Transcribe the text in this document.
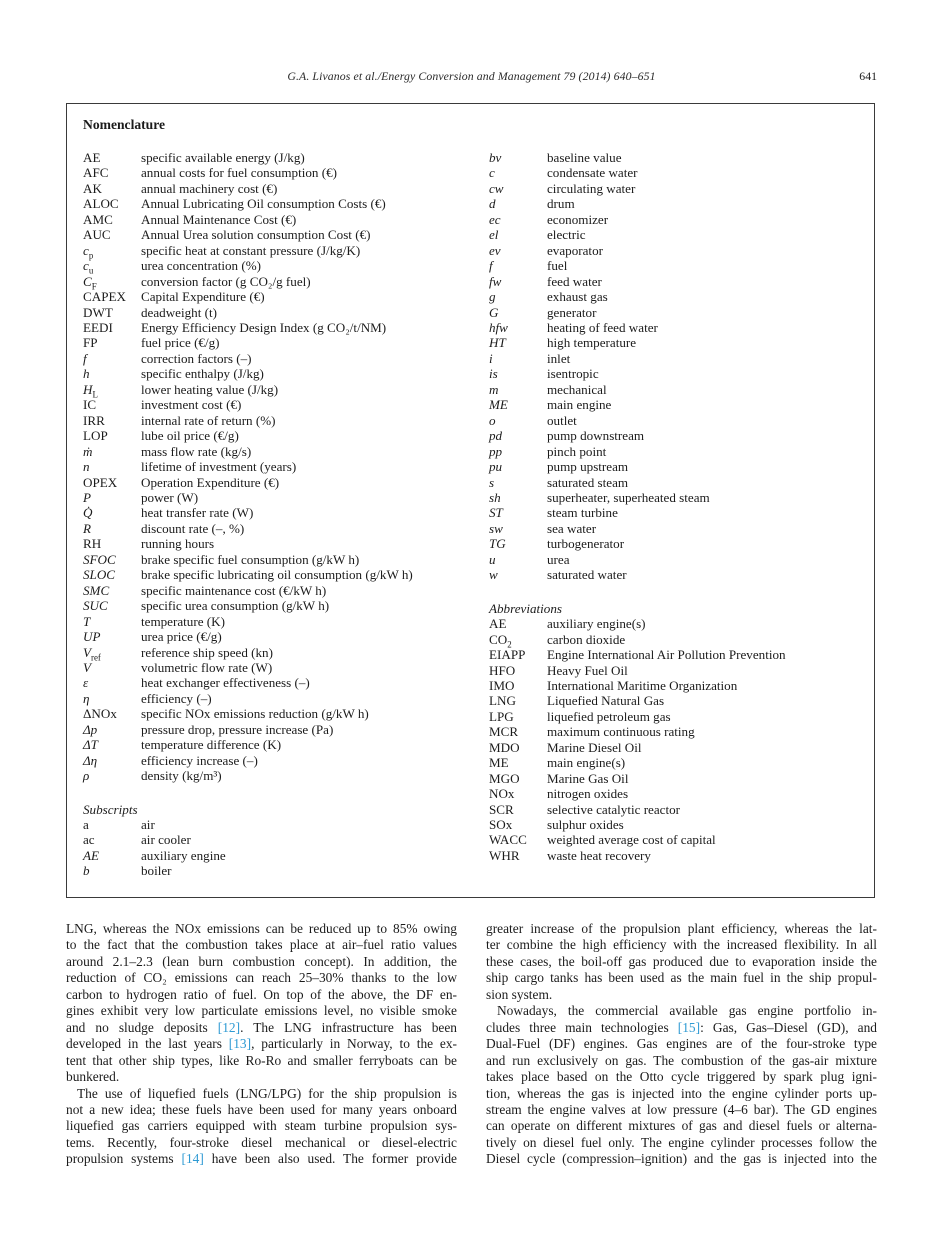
G.A. Livanos et al./Energy Conversion and Management 79 (2014) 640–651	641
Nomenclature
AE	specific available energy (J/kg)
AFC	annual costs for fuel consumption (€)
AK	annual machinery cost (€)
ALOC	Annual Lubricating Oil consumption Costs (€)
AMC	Annual Maintenance Cost (€)
AUC	Annual Urea solution consumption Cost (€)
$c_p$	specific heat at constant pressure (J/kg/K)
$c_u$	urea concentration (%)
$C_F$	conversion factor (g CO₂/g fuel)
CAPEX	Capital Expenditure (€)
DWT	deadweight (t)
EEDI	Energy Efficiency Design Index (g CO₂/t/NM)
FP	fuel price (€/g)
f	correction factors (–)
h	specific enthalpy (J/kg)
$H_L$	lower heating value (J/kg)
IC	investment cost (€)
IRR	internal rate of return (%)
LOP	lube oil price (€/g)
ṁ	mass flow rate (kg/s)
n	lifetime of investment (years)
OPEX	Operation Expenditure (€)
P	power (W)
Q̇	heat transfer rate (W)
R	discount rate (–, %)
RH	running hours
SFOC	brake specific fuel consumption (g/kW h)
SLOC	brake specific lubricating oil consumption (g/kW h)
SMC	specific maintenance cost (€/kW h)
SUC	specific urea consumption (g/kW h)
T	temperature (K)
UP	urea price (€/g)
$V_{ref}$	reference ship speed (kn)
V	volumetric flow rate (W)
ε	heat exchanger effectiveness (–)
η	efficiency (–)
ΔNOx	specific NOx emissions reduction (g/kW h)
Δp	pressure drop, pressure increase (Pa)
ΔT	temperature difference (K)
Δη	efficiency increase (–)
ρ	density (kg/m³)
Subscripts
a	air
ac	air cooler
AE	auxiliary engine
b	boiler
bv	baseline value
c	condensate water
cw	circulating water
d	drum
ec	economizer
el	electric
ev	evaporator
f	fuel
fw	feed water
g	exhaust gas
G	generator
hfw	heating of feed water
HT	high temperature
i	inlet
is	isentropic
m	mechanical
ME	main engine
o	outlet
pd	pump downstream
pp	pinch point
pu	pump upstream
s	saturated steam
sh	superheater, superheated steam
ST	steam turbine
sw	sea water
TG	turbogenerator
u	urea
w	saturated water
Abbreviations
AE	auxiliary engine(s)
$CO_2$	carbon dioxide
EIAPP	Engine International Air Pollution Prevention
HFO	Heavy Fuel Oil
IMO	International Maritime Organization
LNG	Liquefied Natural Gas
LPG	liquefied petroleum gas
MCR	maximum continuous rating
MDO	Marine Diesel Oil
ME	main engine(s)
MGO	Marine Gas Oil
NOx	nitrogen oxides
SCR	selective catalytic reactor
SOx	sulphur oxides
WACC	weighted average cost of capital
WHR	waste heat recovery
LNG, whereas the NOx emissions can be reduced up to 85% owing
to the fact that the combustion takes place at air–fuel ratio values
around 2.1–2.3 (lean burn combustion concept). In addition, the
reduction of CO₂ emissions can reach 25–30% thanks to the low
carbon to hydrogen ratio of fuel. On top of the above, the DF en-
gines exhibit very low particulate emissions level, no visible smoke
and no sludge deposits [12]. The LNG infrastructure has been
developed in the last years [13], particularly in Norway, to the ex-
tent that other ship types, like Ro-Ro and smaller ferryboats can be
bunkered.
The use of liquefied fuels (LNG/LPG) for the ship propulsion is
not a new idea; these fuels have been used for many years onboard
liquefied gas carriers equipped with steam turbine propulsion sys-
tems. Recently, four-stroke diesel mechanical or diesel-electric
propulsion systems [14] have been also used. The former provide
greater increase of the propulsion plant efficiency, whereas the lat-
ter combine the high efficiency with the increased flexibility. In all
these cases, the boil-off gas produced due to evaporation inside the
ship cargo tanks has been used as the main fuel in the ship propul-
sion system.
Nowadays, the commercial available gas engine portfolio in-
cludes three main technologies [15]: Gas, Gas–Diesel (GD), and
Dual-Fuel (DF) engines. Gas engines are of the four-stroke type
and run exclusively on gas. The combustion of the gas-air mixture
takes place based on the Otto cycle triggered by spark plug igni-
tion, whereas the gas is injected into the engine cylinder ports up-
stream the engine valves at low pressure (4–6 bar). The GD engines
can operate on different mixtures of gas and diesel fuels or alterna-
tively on diesel fuel only. The engine cylinder processes follow the
Diesel cycle (compression–ignition) and the gas is injected into the
